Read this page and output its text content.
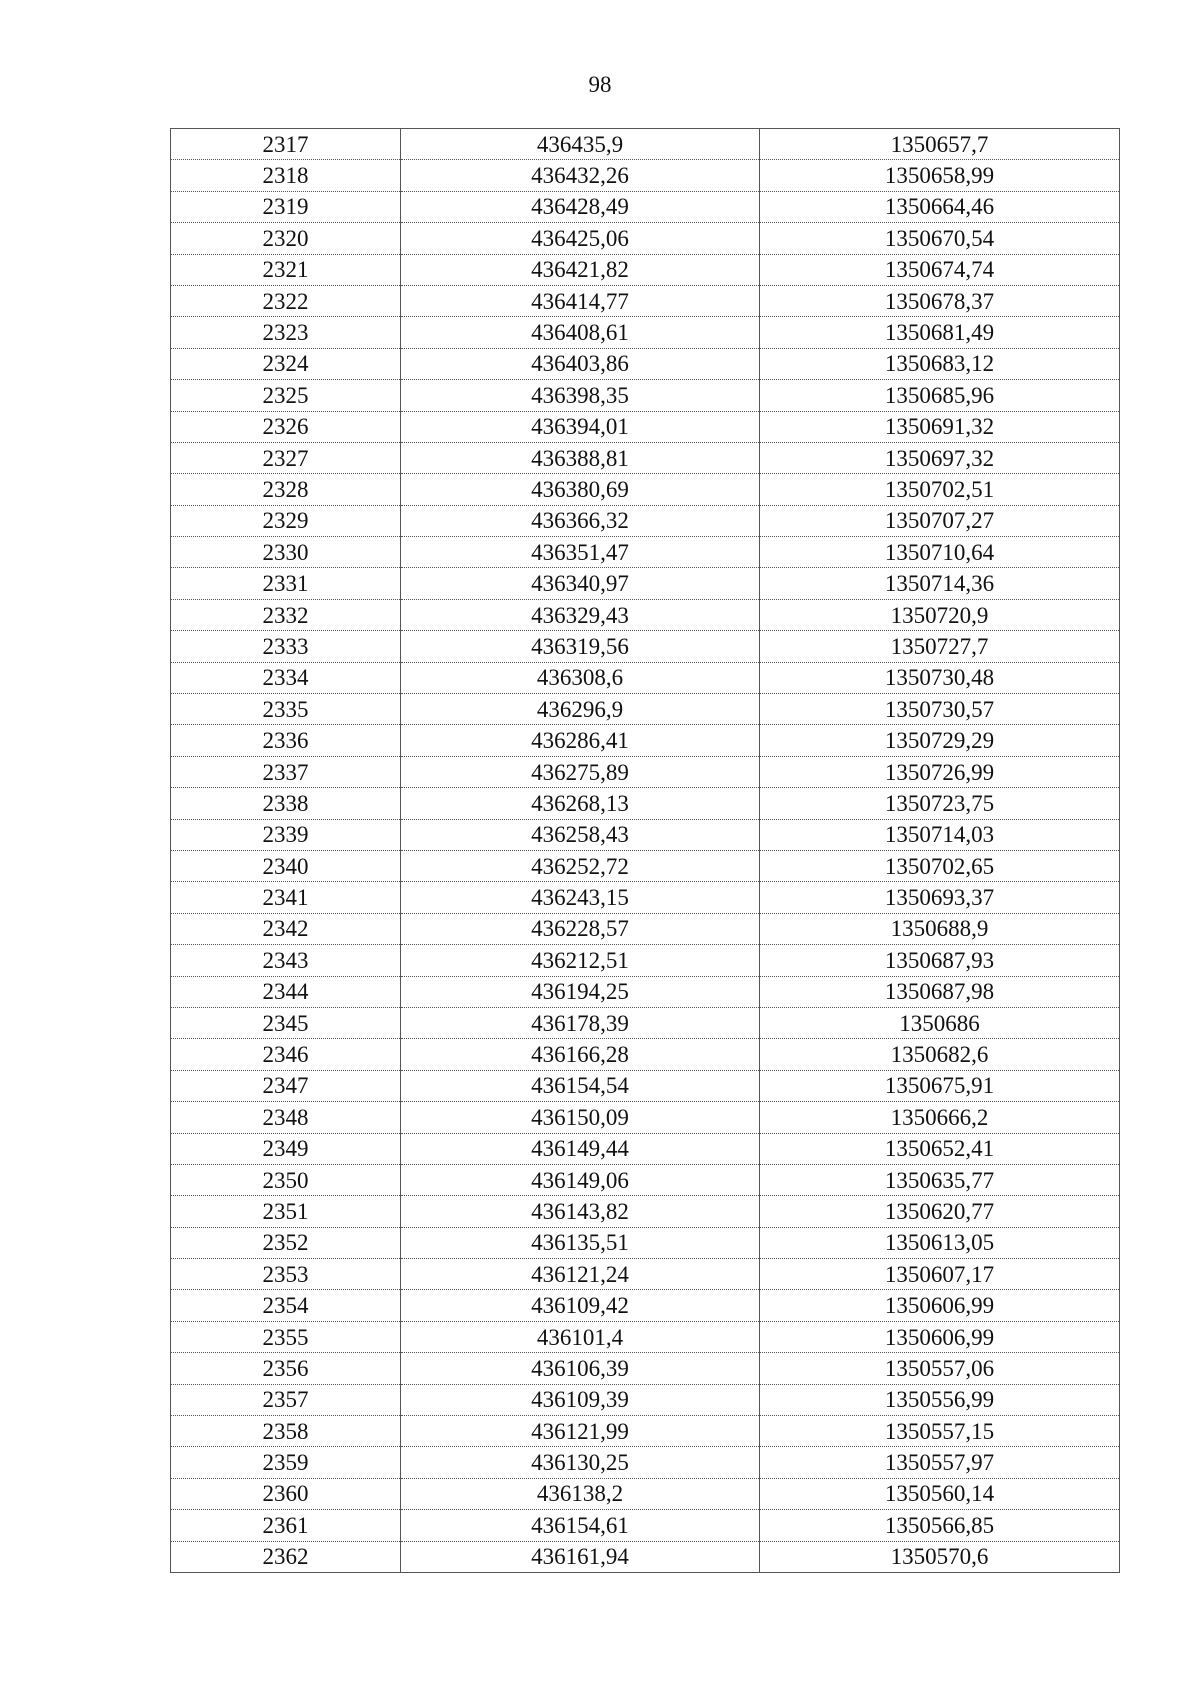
98
2317	436435,9	1350657,7
2318	436432,26	1350658,99
2319	436428,49	1350664,46
2320	436425,06	1350670,54
2321	436421,82	1350674,74
2322	436414,77	1350678,37
2323	436408,61	1350681,49
2324	436403,86	1350683,12
2325	436398,35	1350685,96
2326	436394,01	1350691,32
2327	436388,81	1350697,32
2328	436380,69	1350702,51
2329	436366,32	1350707,27
2330	436351,47	1350710,64
2331	436340,97	1350714,36
2332	436329,43	1350720,9
2333	436319,56	1350727,7
2334	436308,6	1350730,48
2335	436296,9	1350730,57
2336	436286,41	1350729,29
2337	436275,89	1350726,99
2338	436268,13	1350723,75
2339	436258,43	1350714,03
2340	436252,72	1350702,65
2341	436243,15	1350693,37
2342	436228,57	1350688,9
2343	436212,51	1350687,93
2344	436194,25	1350687,98
2345	436178,39	1350686
2346	436166,28	1350682,6
2347	436154,54	1350675,91
2348	436150,09	1350666,2
2349	436149,44	1350652,41
2350	436149,06	1350635,77
2351	436143,82	1350620,77
2352	436135,51	1350613,05
2353	436121,24	1350607,17
2354	436109,42	1350606,99
2355	436101,4	1350606,99
2356	436106,39	1350557,06
2357	436109,39	1350556,99
2358	436121,99	1350557,15
2359	436130,25	1350557,97
2360	436138,2	1350560,14
2361	436154,61	1350566,85
2362	436161,94	1350570,6
